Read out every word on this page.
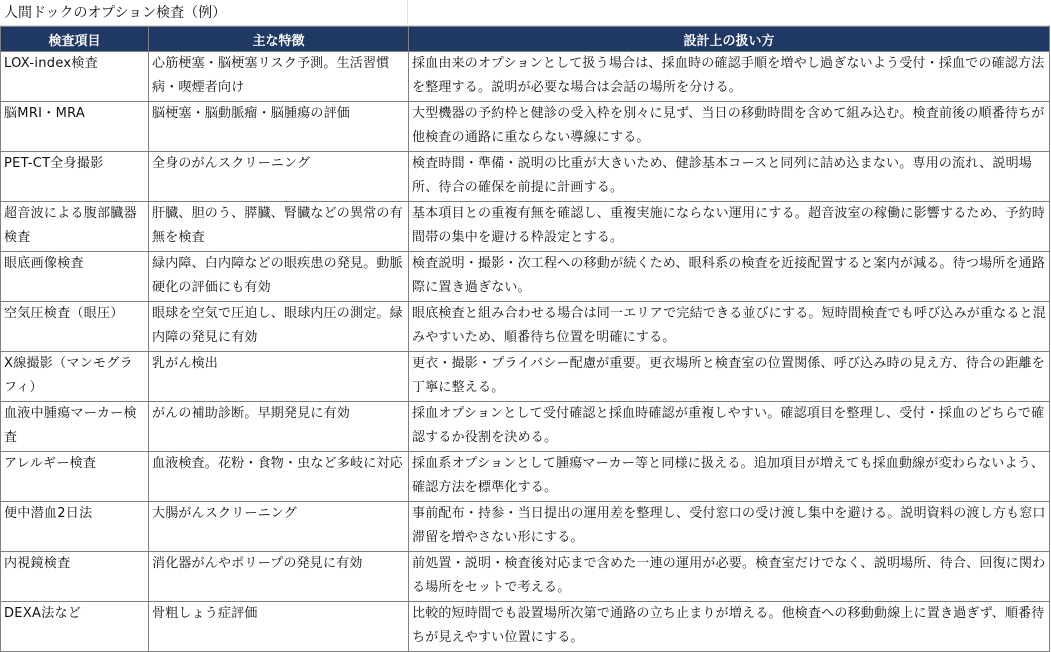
人間ドックのオプション検査（例）
検査項目	主な特徴	設計上の扱い方

LOX-index検査	心筋梗塞・脳梗塞リスク予測。生活習慣病・喫煙者向け	採血由来のオプションとして扱う場合は、採血時の確認手順を増やし過ぎないよう受付・採血での確認方法を整理する。説明が必要な場合は会話の場所を分ける。

脳MRI・MRA	脳梗塞・脳動脈瘤・脳腫瘍の評価	大型機器の予約枠と健診の受入枠を別々に見ず、当日の移動時間を含めて組み込む。検査前後の順番待ちが他検査の通路に重ならない導線にする。

PET-CT全身撮影	全身のがんスクリーニング	検査時間・準備・説明の比重が大きいため、健診基本コースと同列に詰め込まない。専用の流れ、説明場所、待合の確保を前提に計画する。

超音波による腹部臓器検査	肝臓、胆のう、膵臓、腎臓などの異常の有無を検査	基本項目との重複有無を確認し、重複実施にならない運用にする。超音波室の稼働に影響するため、予約時間帯の集中を避ける枠設定とする。

眼底画像検査	緑内障、白内障などの眼疾患の発見。動脈硬化の評価にも有効	検査説明・撮影・次工程への移動が続くため、眼科系の検査を近接配置すると案内が減る。待つ場所を通路際に置き過ぎない。

空気圧検査（眼圧）	眼球を空気で圧迫し、眼球内圧の測定。緑内障の発見に有効	眼底検査と組み合わせる場合は同一エリアで完結できる並びにする。短時間検査でも呼び込みが重なると混みやすいため、順番待ち位置を明確にする。

X線撮影（マンモグラフィ）	乳がん検出	更衣・撮影・プライバシー配慮が重要。更衣場所と検査室の位置関係、呼び込み時の見え方、待合の距離を丁寧に整える。

血液中腫瘍マーカー検査	がんの補助診断。早期発見に有効	採血オプションとして受付確認と採血時確認が重複しやすい。確認項目を整理し、受付・採血のどちらで確認するか役割を決める。

アレルギー検査	血液検査。花粉・食物・虫など多岐に対応	採血系オプションとして腫瘍マーカー等と同様に扱える。追加項目が増えても採血動線が変わらないよう、確認方法を標準化する。

便中潜血2日法	大腸がんスクリーニング	事前配布・持参・当日提出の運用差を整理し、受付窓口の受け渡し集中を避ける。説明資料の渡し方も窓口滞留を増やさない形にする。

内視鏡検査	消化器がんやポリープの発見に有効	前処置・説明・検査後対応まで含めた一連の運用が必要。検査室だけでなく、説明場所、待合、回復に関わる場所をセットで考える。

DEXA法など	骨粗しょう症評価	比較的短時間でも設置場所次第で通路の立ち止まりが増える。他検査への移動動線上に置き過ぎず、順番待ちが見えやすい位置にする。
